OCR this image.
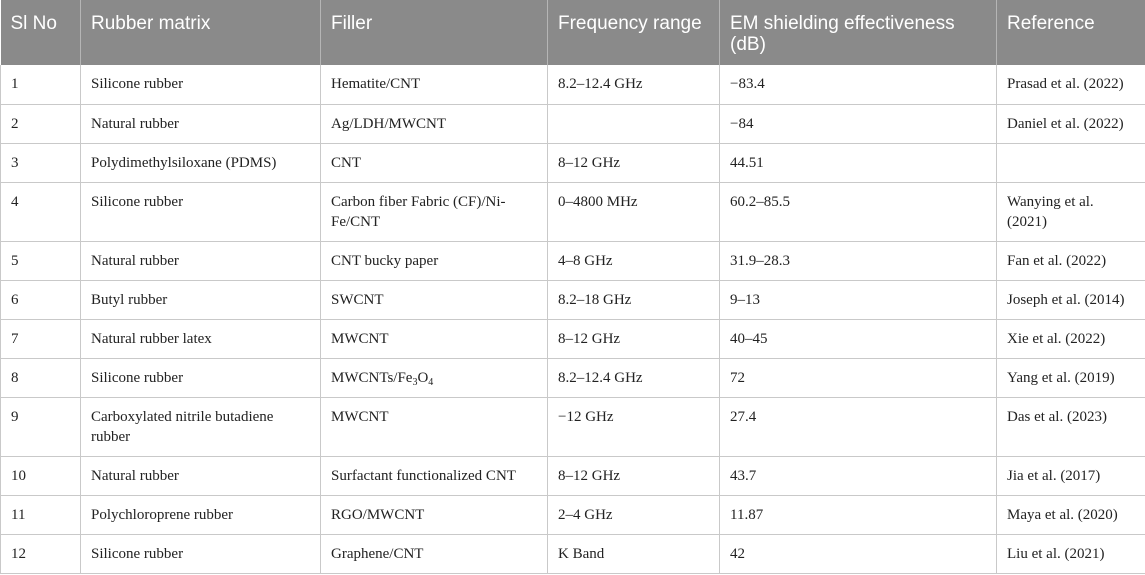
Sl No	Rubber matrix	Filler	Frequency range	EM shielding effectiveness (dB)	Reference
1	Silicone rubber	Hematite/CNT	8.2–12.4 GHz	−83.4	Prasad et al. (2022)
2	Natural rubber	Ag/LDH/MWCNT		−84	Daniel et al. (2022)
3	Polydimethylsiloxane (PDMS)	CNT	8–12 GHz	44.51	
4	Silicone rubber	Carbon fiber Fabric (CF)/Ni-Fe/CNT	0–4800 MHz	60.2–85.5	Wanying et al. (2021)
5	Natural rubber	CNT bucky paper	4–8 GHz	31.9–28.3	Fan et al. (2022)
6	Butyl rubber	SWCNT	8.2–18 GHz	9–13	Joseph et al. (2014)
7	Natural rubber latex	MWCNT	8–12 GHz	40–45	Xie et al. (2022)
8	Silicone rubber	MWCNTs/$Fe_3O_4$	8.2–12.4 GHz	72	Yang et al. (2019)
9	Carboxylated nitrile butadiene rubber	MWCNT	−12 GHz	27.4	Das et al. (2023)
10	Natural rubber	Surfactant functionalized CNT	8–12 GHz	43.7	Jia et al. (2017)
11	Polychloroprene rubber	RGO/MWCNT	2–4 GHz	11.87	Maya et al. (2020)
12	Silicone rubber	Graphene/CNT	K Band	42	Liu et al. (2021)
